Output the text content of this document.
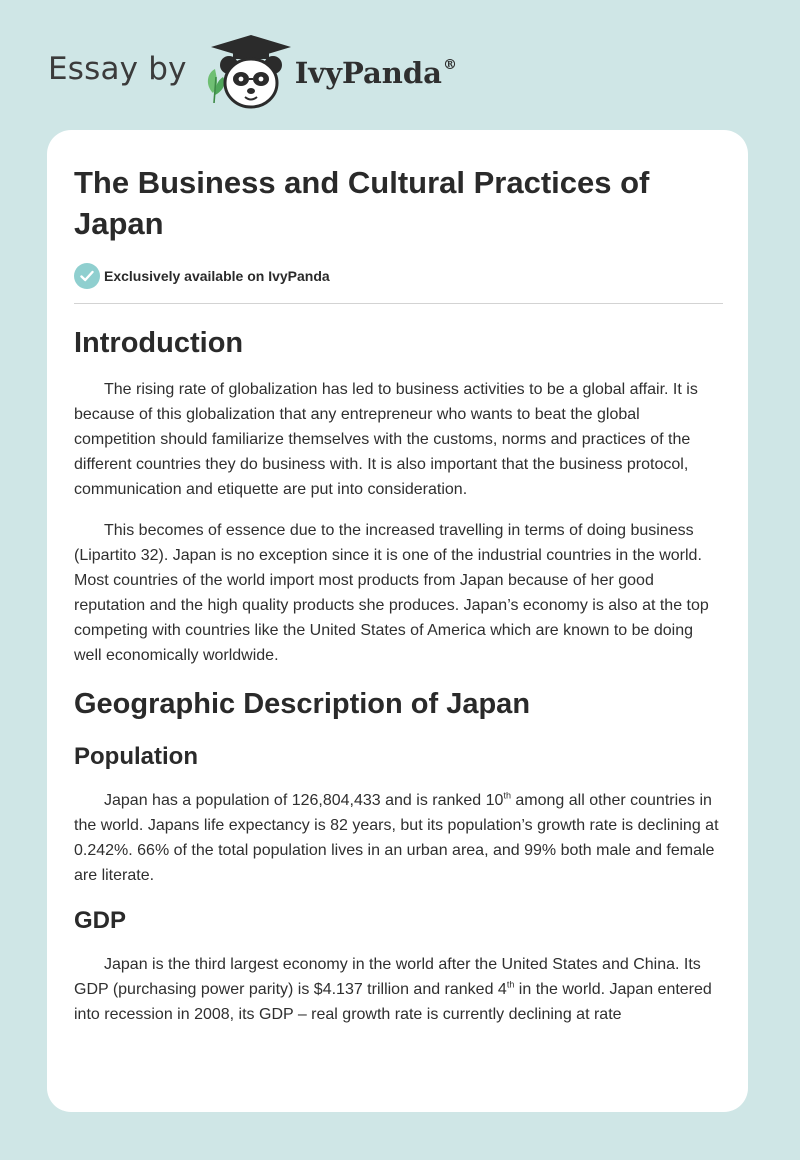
Essay by	IvyPanda®
The Business and Cultural Practices of Japan
Exclusively available on IvyPanda
Introduction

The rising rate of globalization has led to business activities to be a global affair. It is because of this globalization that any entrepreneur who wants to beat the global competition should familiarize themselves with the customs, norms and practices of the different countries they do business with. It is also important that the business protocol, communication and etiquette are put into consideration.

This becomes of essence due to the increased travelling in terms of doing business (Lipartito 32). Japan is no exception since it is one of the industrial countries in the world. Most countries of the world import most products from Japan because of her good reputation and the high quality products she produces. Japan’s economy is also at the top competing with countries like the United States of America which are known to be doing well economically worldwide.

Geographic Description of Japan
Population

Japan has a population of 126,804,433 and is ranked 10th among all other countries in the world. Japans life expectancy is 82 years, but its population’s growth rate is declining at 0.242%. 66% of the total population lives in an urban area, and 99% both male and female are literate.

GDP

Japan is the third largest economy in the world after the United States and China. Its GDP (purchasing power parity) is $4.137 trillion and ranked 4th in the world. Japan entered into recession in 2008, its GDP – real growth rate is currently declining at rate
